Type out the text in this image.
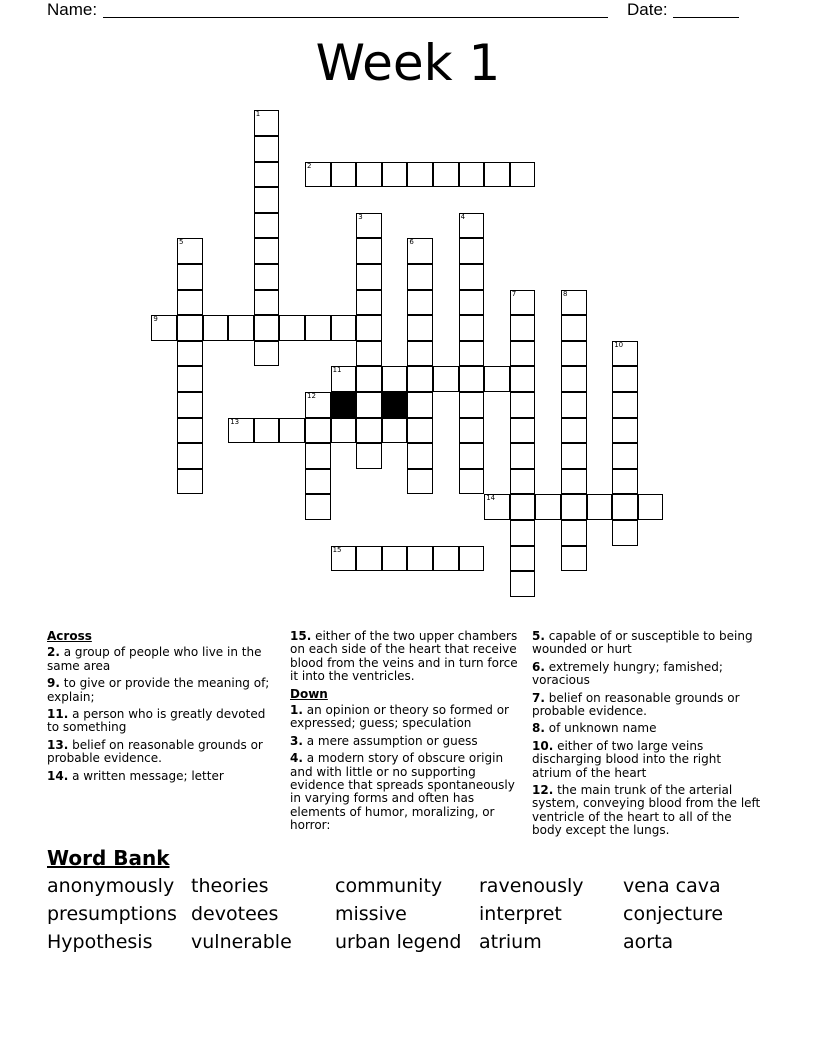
Name:	Date:
Week 1
1
2
3	4
5	6
7	8
9
10
11
12
13
14
15
Across
2. a group of people who live in the same area
9. to give or provide the meaning of; explain;
11. a person who is greatly devoted to something
13. belief on reasonable grounds or probable evidence.
14. a written message; letter
15. either of the two upper chambers on each side of the heart that receive blood from the veins and in turn force it into the ventricles.
Down
1. an opinion or theory so formed or expressed; guess; speculation
3. a mere assumption or guess
4. a modern story of obscure origin and with little or no supporting evidence that spreads spontaneously in varying forms and often has elements of humor, moralizing, or horror:
5. capable of or susceptible to being wounded or hurt
6. extremely hungry; famished; voracious
7. belief on reasonable grounds or probable evidence.
8. of unknown name
10. either of two large veins discharging blood into the right atrium of the heart
12. the main trunk of the arterial system, conveying blood from the left ventricle of the heart to all of the body except the lungs.
Word Bank
anonymously theories	community ravenously vena cava
presumptions devotees	missive	interpret	conjecture
Hypothesis vulnerable urban legend atrium	aorta
